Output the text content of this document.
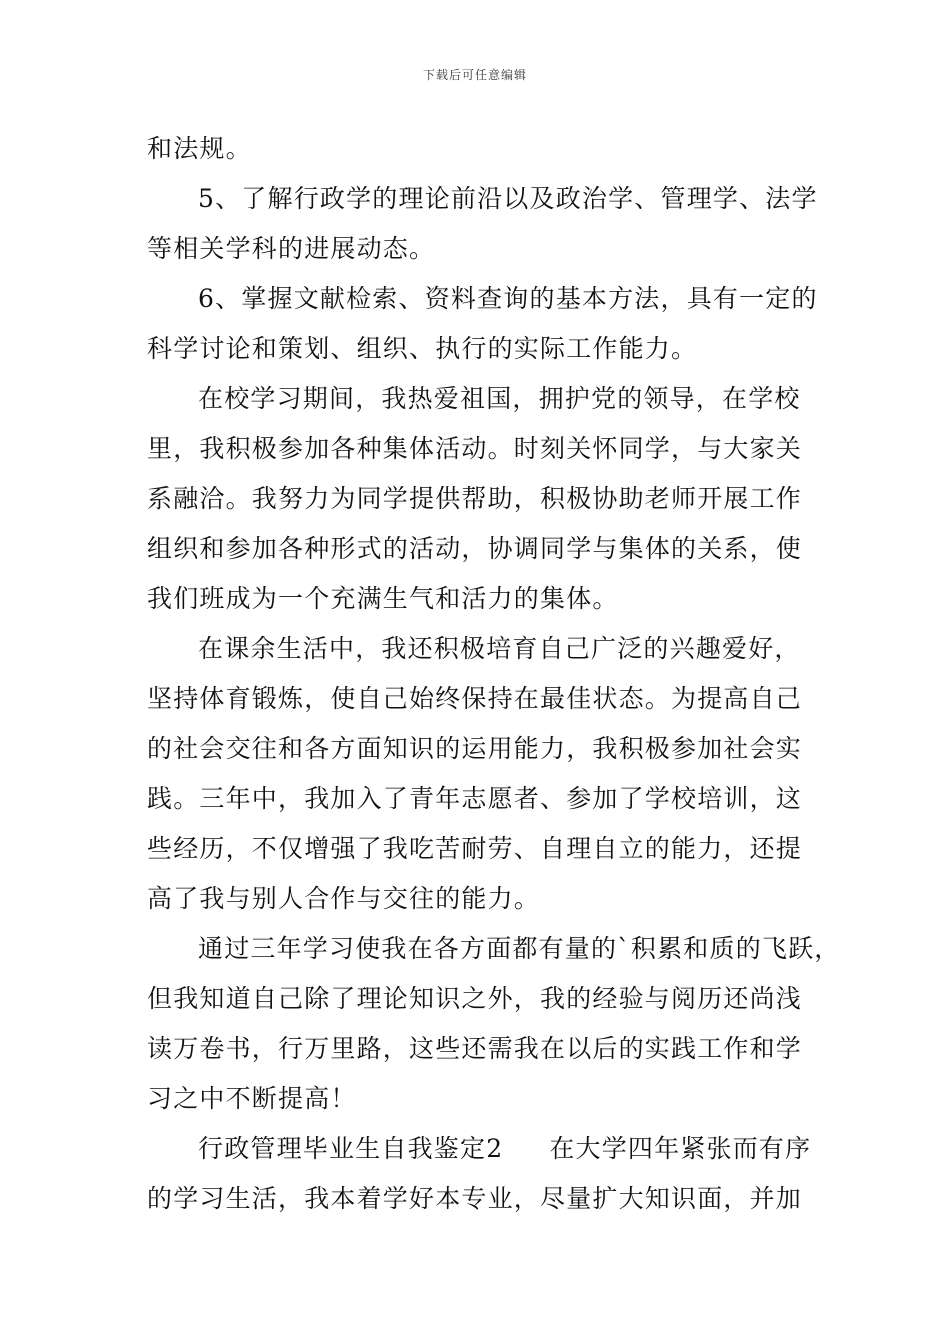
下载后可任意编辑
和法规。
5、了解行政学的理论前沿以及政治学、管理学、法学
等相关学科的进展动态。
6、掌握文献检索、资料查询的基本方法，具有一定的
科学讨论和策划、组织、执行的实际工作能力。
在校学习期间，我热爱祖国，拥护党的领导，在学校
里，我积极参加各种集体活动。时刻关怀同学，与大家关
系融洽。我努力为同学提供帮助，积极协助老师开展工作
组织和参加各种形式的活动，协调同学与集体的关系，使
我们班成为一个充满生气和活力的集体。
在课余生活中，我还积极培育自己广泛的兴趣爱好，
坚持体育锻炼，使自己始终保持在最佳状态。为提高自己
的社会交往和各方面知识的运用能力，我积极参加社会实
践。三年中，我加入了青年志愿者、参加了学校培训，这
些经历，不仅增强了我吃苦耐劳、自理自立的能力，还提
高了我与别人合作与交往的能力。
通过三年学习使我在各方面都有量的`积累和质的飞跃，
但我知道自己除了理论知识之外，我的经验与阅历还尚浅
读万卷书，行万里路，这些还需我在以后的实践工作和学
习之中不断提高！
行政管理毕业生自我鉴定2 在大学四年紧张而有序
的学习生活，我本着学好本专业，尽量扩大知识面，并加
